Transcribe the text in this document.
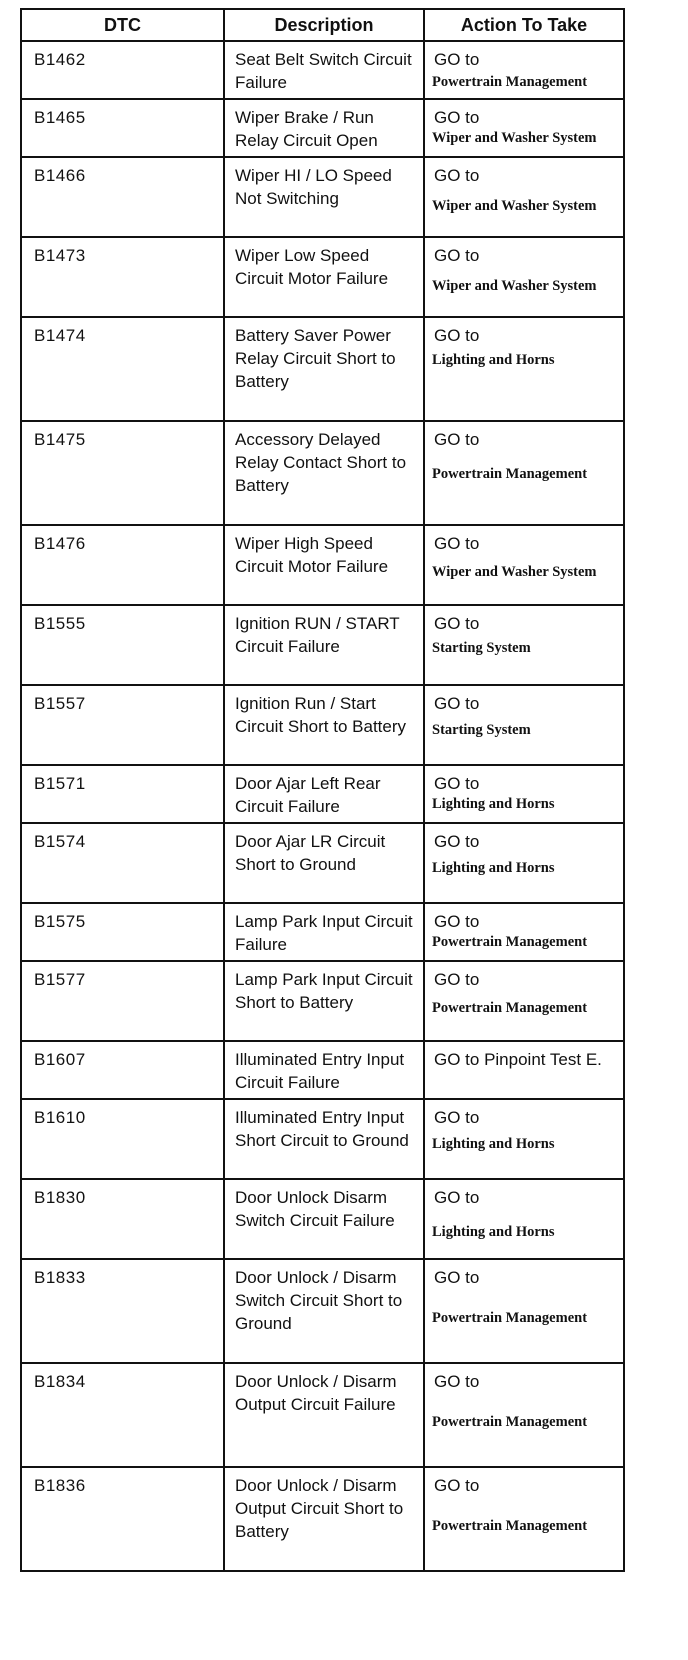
DTC	Description	Action To Take
B1462	Seat Belt Switch Circuit Failure	GO to
Powertrain Management

B1465	Wiper Brake / Run Relay Circuit Open	GO to
Wiper and Washer System

B1466	Wiper HI / LO Speed Not Switching	GO to
Wiper and Washer System

B1473	Wiper Low Speed Circuit Motor Failure	GO to
Wiper and Washer System

B1474	Battery Saver Power Relay Circuit Short to Battery	GO to
Lighting and Horns

B1475	Accessory Delayed Relay Contact Short to Battery	GO to
Powertrain Management

B1476	Wiper High Speed Circuit Motor Failure	GO to
Wiper and Washer System

B1555	Ignition RUN / START Circuit Failure	GO to
Starting System

B1557	Ignition Run / Start Circuit Short to Battery	GO to
Starting System

B1571	Door Ajar Left Rear Circuit Failure	GO to
Lighting and Horns

B1574	Door Ajar LR Circuit Short to Ground	GO to
Lighting and Horns

B1575	Lamp Park Input Circuit Failure	GO to
Powertrain Management

B1577	Lamp Park Input Circuit Short to Battery	GO to
Powertrain Management

B1607	Illuminated Entry Input Circuit Failure	GO to Pinpoint Test E.

B1610	Illuminated Entry Input Short Circuit to Ground	GO to
Lighting and Horns

B1830	Door Unlock Disarm Switch Circuit Failure	GO to
Lighting and Horns

B1833	Door Unlock / Disarm Switch Circuit Short to Ground	GO to
Powertrain Management

B1834	Door Unlock / Disarm Output Circuit Failure	GO to
Powertrain Management

B1836	Door Unlock / Disarm Output Circuit Short to Battery	GO to
Powertrain Management
